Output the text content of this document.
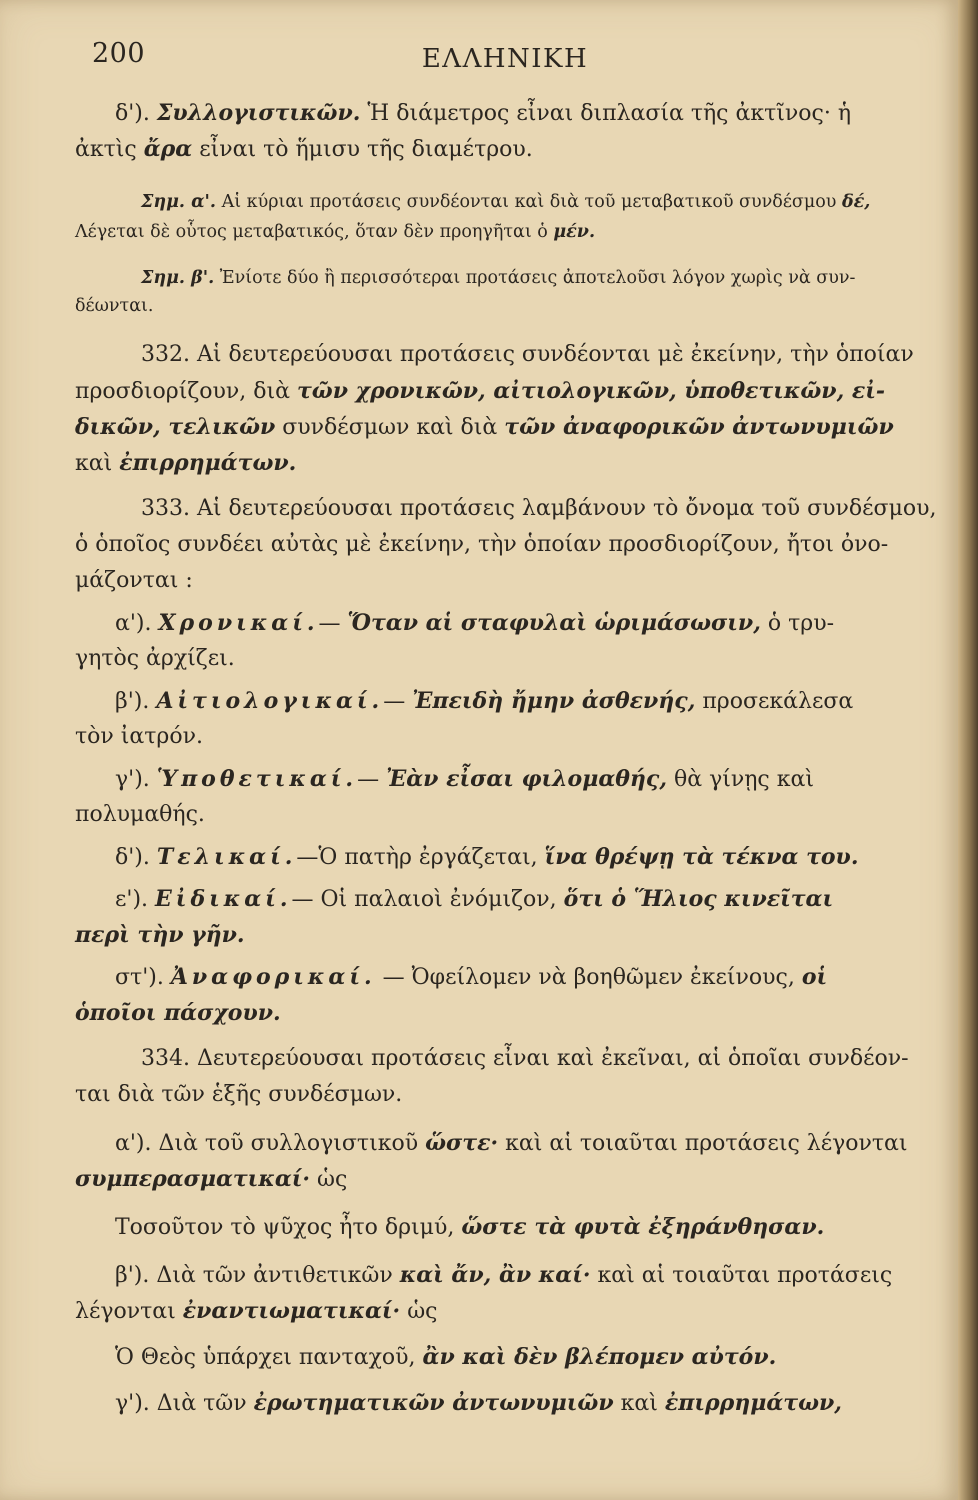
200	ΕΛΛΗΝΙΚΗ
δ'). Συλλογιστικῶν. Ἡ διάμετρος εἶναι διπλασία τῆς ἀκτῖνος· ἡ
ἀκτὶς ἄρα εἶναι τὸ ἥμισυ τῆς διαμέτρου.
Σημ. α'. Αἱ κύριαι προτάσεις συνδέονται καὶ διὰ τοῦ μεταβατικοῦ συνδέσμου δέ,
Λέγεται δὲ οὗτος μεταβατικός, ὅταν δὲν προηγῆται ὁ μέν.
Σημ. β'. Ἐνίοτε δύο ἢ περισσότεραι προτάσεις ἀποτελοῦσι λόγον χωρὶς νὰ συν-
δέωνται.
332. Αἱ δευτερεύουσαι προτάσεις συνδέονται μὲ ἐκείνην, τὴν ὁποίαν
προσδιορίζουν, διὰ τῶν χρονικῶν, αἰτιολογικῶν, ὑποθετικῶν, εἰ-
δικῶν, τελικῶν συνδέσμων καὶ διὰ τῶν ἀναφορικῶν ἀντωνυμιῶν
καὶ ἐπιρρημάτων.
333. Αἱ δευτερεύουσαι προτάσεις λαμβάνουν τὸ ὄνομα τοῦ συνδέσμου,
ὁ ὁποῖος συνδέει αὐτὰς μὲ ἐκείνην, τὴν ὁποίαν προσδιορίζουν, ἤτοι ὀνο-
μάζονται :
α'). Χρονικαί.— Ὅταν αἱ σταφυλαὶ ὡριμάσωσιν, ὁ τρυ-
γητὸς ἀρχίζει.
β'). Αἰτιολογικαί.— Ἐπειδὴ ἤμην ἀσθενής, προσεκάλεσα
τὸν ἰατρόν.
γ'). Ὑποθετικαί.— Ἐὰν εἶσαι φιλομαθής, θὰ γίνῃς καὶ
πολυμαθής.
δ'). Τελικαί.—Ὁ πατὴρ ἐργάζεται, ἵνα θρέψῃ τὰ τέκνα του.
ε'). Εἰδικαί.— Οἱ παλαιοὶ ἐνόμιζον, ὅτι ὁ Ἥλιος κινεῖται
περὶ τὴν γῆν.
στ'). Ἀναφορικαί. — Ὀφείλομεν νὰ βοηθῶμεν ἐκείνους, οἱ
ὁποῖοι πάσχουν.
334. Δευτερεύουσαι προτάσεις εἶναι καὶ ἐκεῖναι, αἱ ὁποῖαι συνδέον-
ται διὰ τῶν ἑξῆς συνδέσμων.
α'). Διὰ τοῦ συλλογιστικοῦ ὥστε· καὶ αἱ τοιαῦται προτάσεις λέγονται
συμπερασματικαί· ὡς
Τοσοῦτον τὸ ψῦχος ἦτο δριμύ, ὥστε τὰ φυτὰ ἐξηράνθησαν.
β'). Διὰ τῶν ἀντιθετικῶν καὶ ἄν, ἂν καί· καὶ αἱ τοιαῦται προτάσεις
λέγονται ἐναντιωματικαί· ὡς
Ὁ Θεὸς ὑπάρχει πανταχοῦ, ἂν καὶ δὲν βλέπομεν αὐτόν.
γ'). Διὰ τῶν ἐρωτηματικῶν ἀντωνυμιῶν καὶ ἐπιρρημάτων,
